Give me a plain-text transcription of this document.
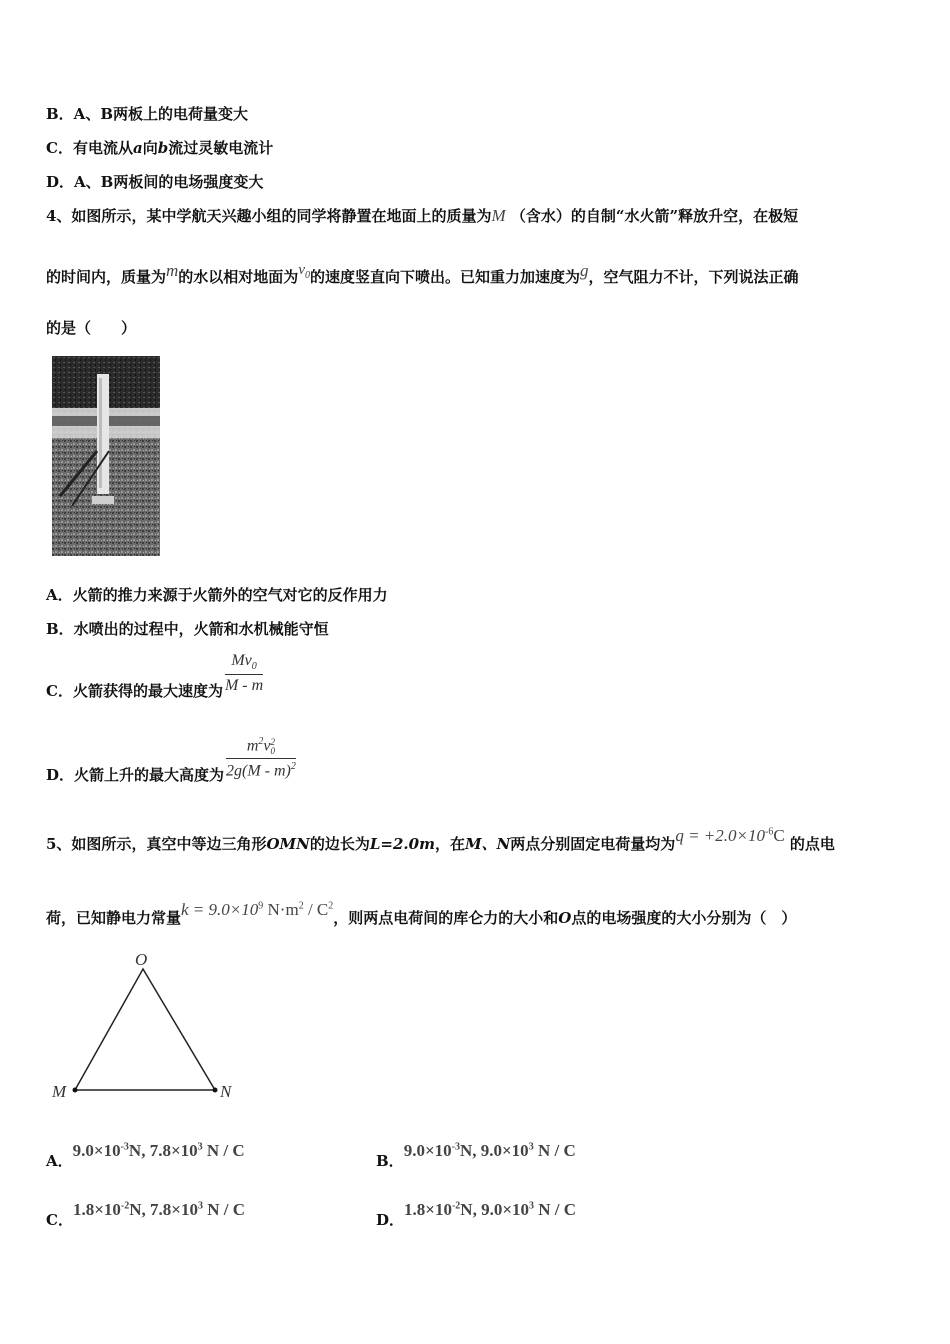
B．A、B两板上的电荷量变大
C．有电流从a向b流过灵敏电流计
D．A、B两板间的电场强度变大
4、如图所示，某中学航天兴趣小组的同学将静置在地面上的质量为M （含水）的自制“水火箭”释放升空，在极短
的时间内，质量为m的水以相对地面为$v_0$的速度竖直向下喷出。已知重力加速度为g，空气阻力不计，下列说法正确
的是（　　）
A．火箭的推力来源于火箭外的空气对它的反作用力
B．水喷出的过程中，火箭和水机械能守恒
C．火箭获得的最大速度为 $\frac{Mv_0}{M - m}$
D．火箭上升的最大高度为 $m^2v$ 2
0
2g(M - m)$^2$
5、如图所示，真空中等边三角形OMN的边长为L=2.0m，在M、N两点分别固定电荷量均为$q = +2.0\times 10^{-6}C$ 的点电
荷，已知静电力常量$k = 9.0\times 10^9$ $N\cdot m^2 / C^2$，则两点电荷间的库仑力的大小和O点的电场强度的大小分别为（　）
O
M	N
A．$9.0\times 10^{-3}N$, $7.8\times 10^3$ N / C
B．$9.0\times 10^{-3}N$, $9.0\times 10^3$ N / C
C．$1.8\times 10^{-2}N$, $7.8\times 10^3$ N / C
D．$1.8\times 10^{-2}N$, $9.0\times 10^3$ N / C
